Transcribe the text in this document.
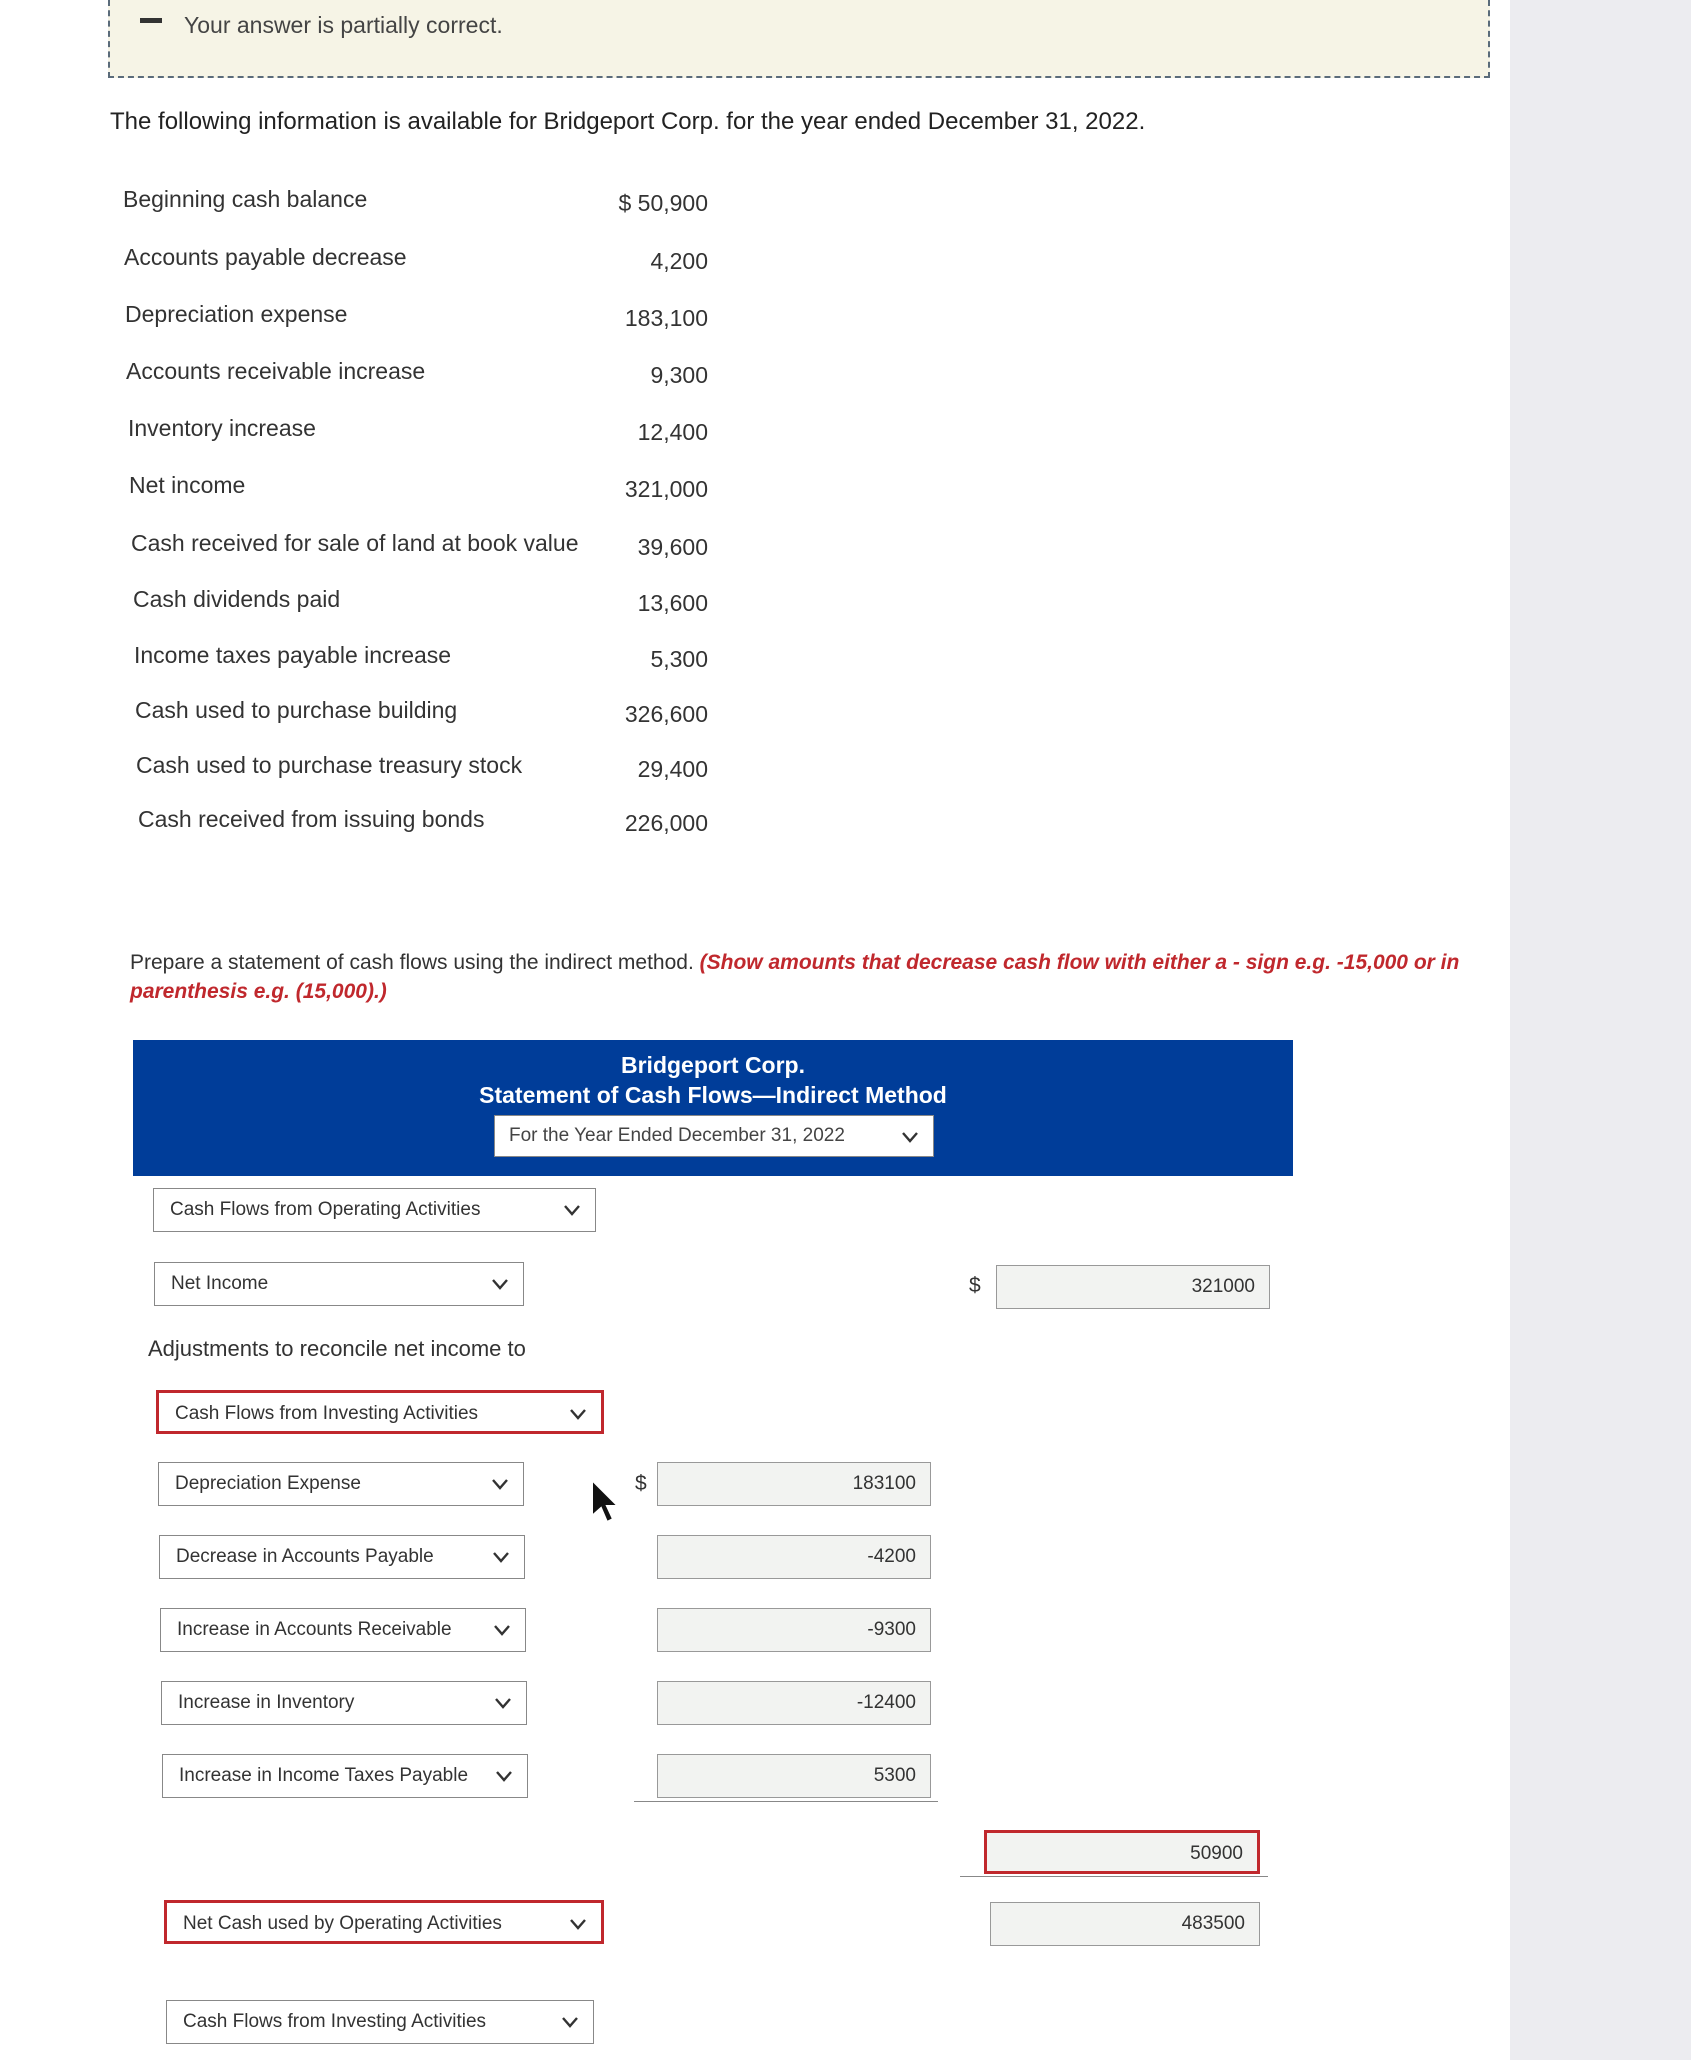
Your answer is partially correct.
The following information is available for Bridgeport Corp. for the year ended December 31, 2022.
Beginning cash balance	$ 50,900
Accounts payable decrease	4,200
Depreciation expense	183,100
Accounts receivable increase	9,300
Inventory increase	12,400
Net income	321,000
Cash received for sale of land at book value	39,600
Cash dividends paid	13,600
Income taxes payable increase	5,300
Cash used to purchase building	326,600
Cash used to purchase treasury stock	29,400
Cash received from issuing bonds	226,000
Prepare a statement of cash flows using the indirect method. (Show amounts that decrease cash flow with either a - sign e.g. -15,000 or in parenthesis e.g. (15,000).)
Bridgeport Corp.
Statement of Cash Flows—Indirect Method
For the Year Ended December 31, 2022
Cash Flows from Operating Activities
Net Income	$	321000
Adjustments to reconcile net income to
Cash Flows from Investing Activities
$
Depreciation Expense	183100
Decrease in Accounts Payable	-4200
Increase in Accounts Receivable	-9300
Increase in Inventory	-12400
Increase in Income Taxes Payable	5300
50900
Net Cash used by Operating Activities	483500
Cash Flows from Investing Activities
